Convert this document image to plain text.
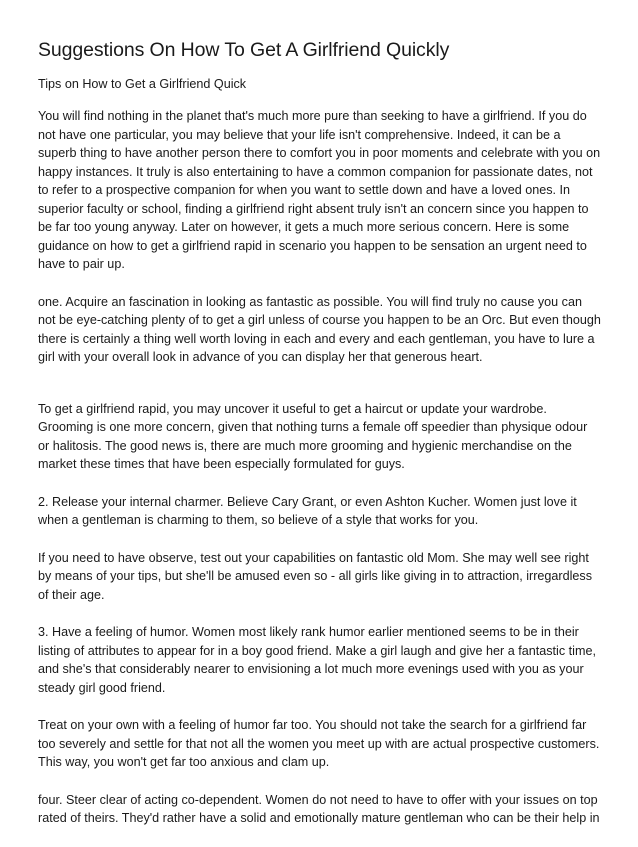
Suggestions On How To Get A Girlfriend Quickly
Tips on How to Get a Girlfriend Quick

You will find nothing in the planet that's much more pure than seeking to have a girlfriend. If you do not have one particular, you may believe that your life isn't comprehensive. Indeed, it can be a superb thing to have another person there to comfort you in poor moments and celebrate with you on happy instances. It truly is also entertaining to have a common companion for passionate dates, not to refer to a prospective companion for when you want to settle down and have a loved ones. In superior faculty or school, finding a girlfriend right absent truly isn't an concern since you happen to be far too young anyway. Later on however, it gets a much more serious concern. Here is some guidance on how to get a girlfriend rapid in scenario you happen to be sensation an urgent need to have to pair up.

one. Acquire an fascination in looking as fantastic as possible. You will find truly no cause you can not be eye-catching plenty of to get a girl unless of course you happen to be an Orc. But even though there is certainly a thing well worth loving in each and every and each gentleman, you have to lure a girl with your overall look in advance of you can display her that generous heart.

To get a girlfriend rapid, you may uncover it useful to get a haircut or update your wardrobe. Grooming is one more concern, given that nothing turns a female off speedier than physique odour or halitosis. The good news is, there are much more grooming and hygienic merchandise on the market these times that have been especially formulated for guys.

2. Release your internal charmer. Believe Cary Grant, or even Ashton Kucher. Women just love it when a gentleman is charming to them, so believe of a style that works for you.

If you need to have observe, test out your capabilities on fantastic old Mom. She may well see right by means of your tips, but she'll be amused even so - all girls like giving in to attraction, irregardless of their age.

3. Have a feeling of humor. Women most likely rank humor earlier mentioned seems to be in their listing of attributes to appear for in a boy good friend. Make a girl laugh and give her a fantastic time, and she's that considerably nearer to envisioning a lot much more evenings used with you as your steady girl good friend.

Treat on your own with a feeling of humor far too. You should not take the search for a girlfriend far too severely and settle for that not all the women you meet up with are actual prospective customers. This way, you won't get far too anxious and clam up.

four. Steer clear of acting co-dependent. Women do not need to have to offer with your issues on top rated of theirs. They'd rather have a solid and emotionally mature gentleman who can be their help in
